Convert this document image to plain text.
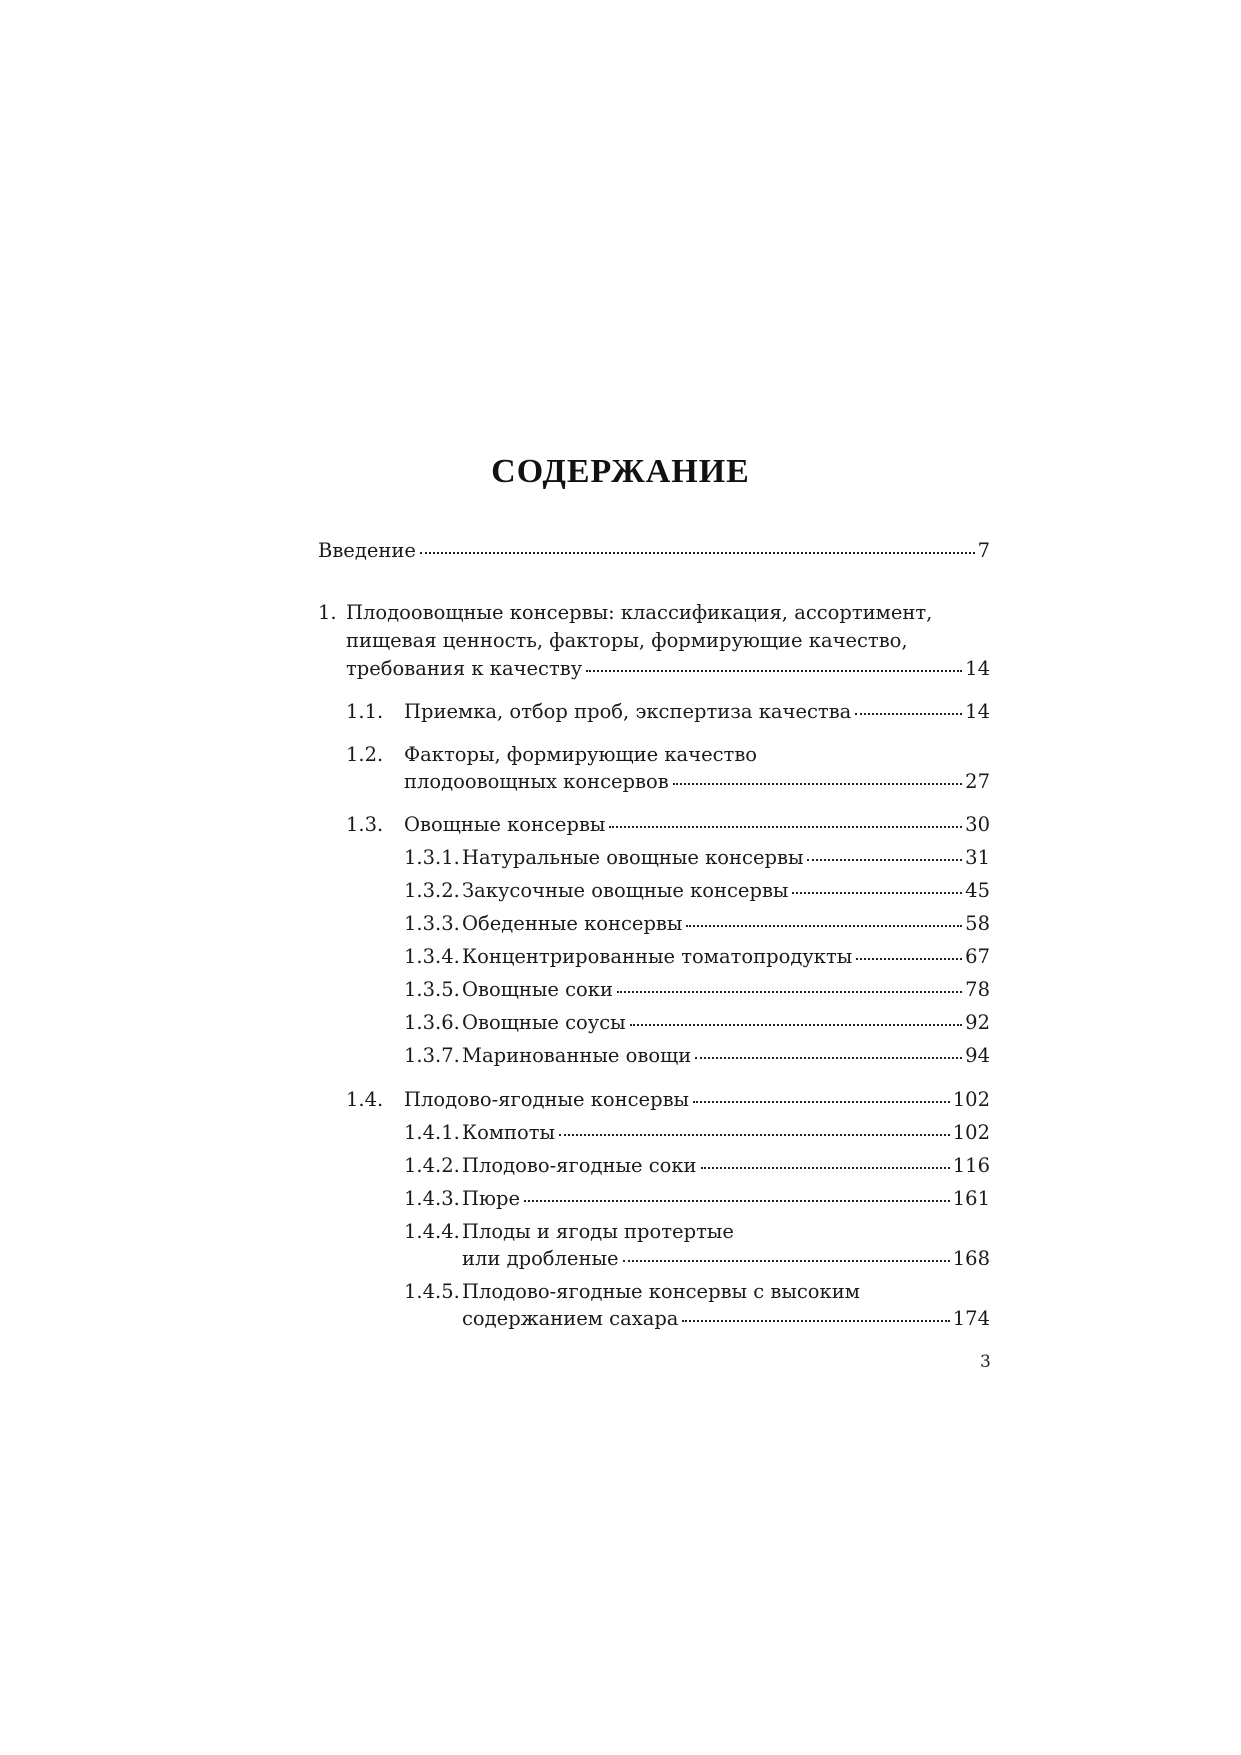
СОДЕРЖАНИЕ
Введение	7
1. Плодоовощные консервы: классификация, ассортимент,
пищевая ценность, факторы, формирующие качество,
требования к качеству	14
1.1. Приемка, отбор проб, экспертиза качества	14
1.2. Факторы, формирующие качество
плодоовощных консервов	27
1.3. Овощные консервы	30
1.3.1. Натуральные овощные консервы	31
1.3.2. Закусочные овощные консервы	45
1.3.3. Обеденные консервы	58
1.3.4. Концентрированные томатопродукты	67
1.3.5. Овощные соки	78
1.3.6. Овощные соусы	92
1.3.7. Маринованные овощи	94
1.4. Плодово-ягодные консервы	102
1.4.1. Компоты	102
1.4.2. Плодово-ягодные соки	116
1.4.3. Пюре	161
1.4.4. Плоды и ягоды протертые
или дробленые	168
1.4.5. Плодово-ягодные консервы с высоким
содержанием сахара	174
3
